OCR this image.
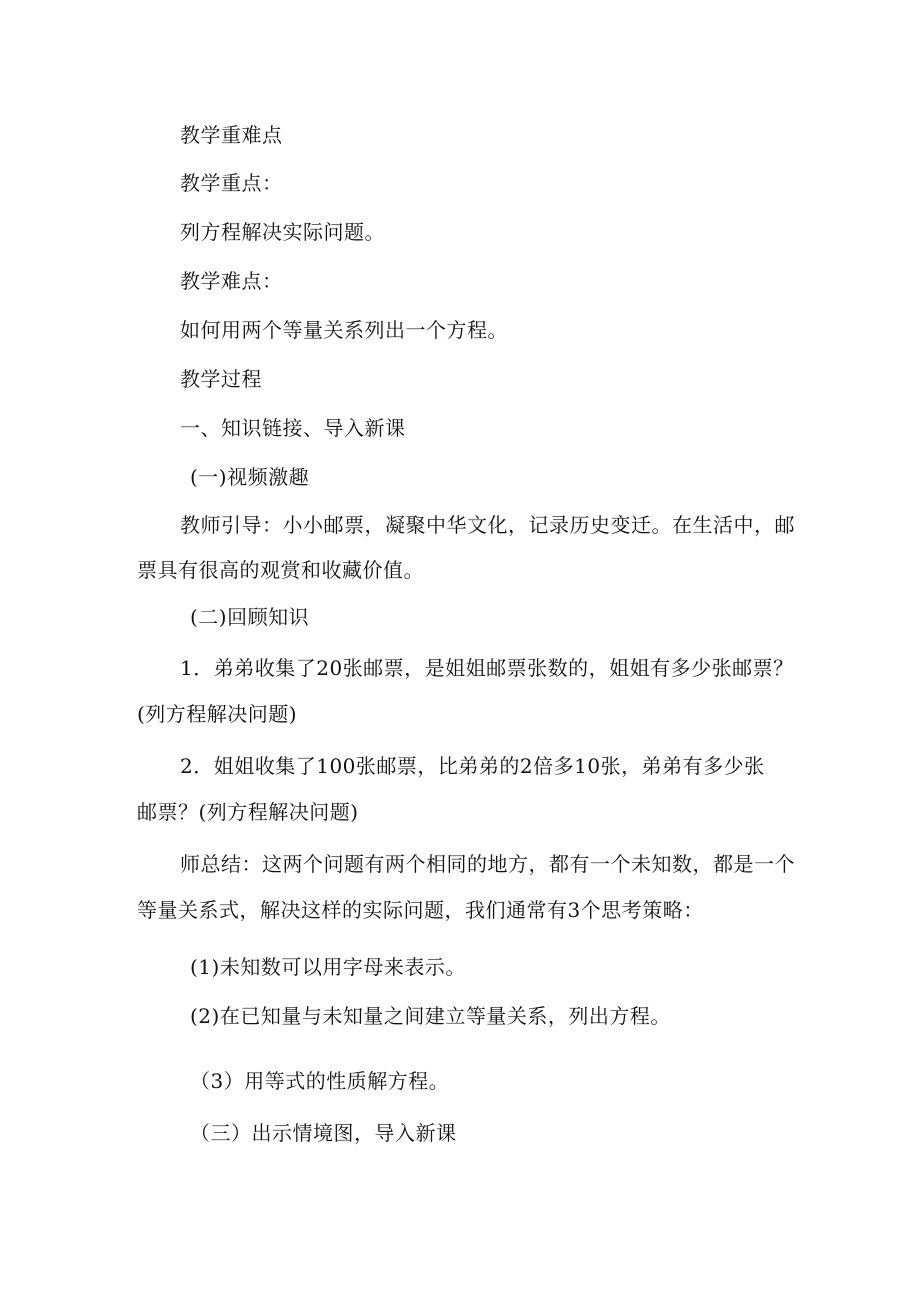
教学重难点
教学重点：
列方程解决实际问题。
教学难点：
如何用两个等量关系列出一个方程。
教学过程
一、知识链接、导入新课
(一)视频激趣
教师引导：小小邮票，凝聚中华文化，记录历史变迁。在生活中，邮
票具有很高的观赏和收藏价值。
(二)回顾知识
1．弟弟收集了20张邮票，是姐姐邮票张数的，姐姐有多少张邮票？
(列方程解决问题)
2．姐姐收集了100张邮票，比弟弟的2倍多10张，弟弟有多少张
邮票？(列方程解决问题)
师总结：这两个问题有两个相同的地方，都有一个未知数，都是一个
等量关系式，解决这样的实际问题，我们通常有3个思考策略：
(1)未知数可以用字母来表示。
(2)在已知量与未知量之间建立等量关系，列出方程。
（3）用等式的性质解方程。
（三）出示情境图，导入新课
